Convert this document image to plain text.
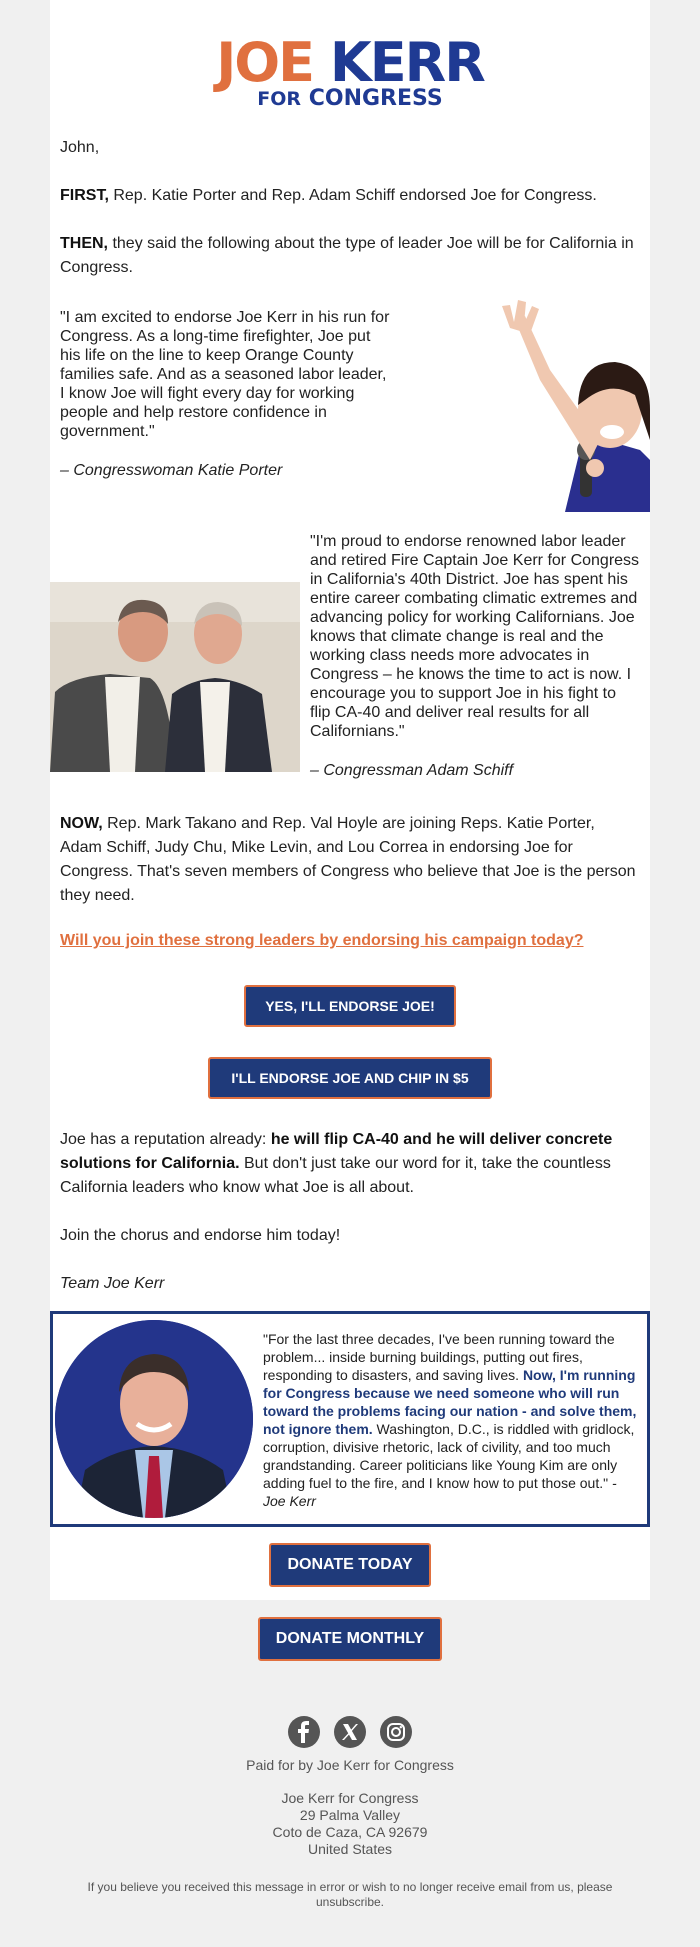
JOE KERR
FOR CONGRESS
John,
FIRST, Rep. Katie Porter and Rep. Adam Schiff endorsed Joe for Congress.
THEN, they said the following about the type of leader Joe will be for California in Congress.
"I am excited to endorse Joe Kerr in his run for Congress. As a long-time firefighter, Joe put his life on the line to keep Orange County families safe. And as a seasoned labor leader, I know Joe will fight every day for working people and help restore confidence in government."
– Congresswoman Katie Porter
"I'm proud to endorse renowned labor leader and retired Fire Captain Joe Kerr for Congress in California's 40th District. Joe has spent his entire career combating climatic extremes and advancing policy for working Californians. Joe knows that climate change is real and the working class needs more advocates in Congress – he knows the time to act is now. I encourage you to support Joe in his fight to flip CA-40 and deliver real results for all Californians."
– Congressman Adam Schiff
NOW, Rep. Mark Takano and Rep. Val Hoyle are joining Reps. Katie Porter, Adam Schiff, Judy Chu, Mike Levin, and Lou Correa in endorsing Joe for Congress. That's seven members of Congress who believe that Joe is the person they need.
Will you join these strong leaders by endorsing his campaign today?
YES, I'LL ENDORSE JOE!
I'LL ENDORSE JOE AND CHIP IN $5
Joe has a reputation already: he will flip CA-40 and he will deliver concrete solutions for California. But don't just take our word for it, take the countless California leaders who know what Joe is all about.
Join the chorus and endorse him today!
Team Joe Kerr
"For the last three decades, I've been running toward the problem... inside burning buildings, putting out fires, responding to disasters, and saving lives. Now, I'm running for Congress because we need someone who will run toward the problems facing our nation - and solve them, not ignore them. Washington, D.C., is riddled with gridlock, corruption, divisive rhetoric, lack of civility, and too much grandstanding. Career politicians like Young Kim are only adding fuel to the fire, and I know how to put those out." - Joe Kerr
DONATE TODAY
DONATE MONTHLY
Paid for by Joe Kerr for Congress
Joe Kerr for Congress
29 Palma Valley
Coto de Caza, CA 92679
United States
If you believe you received this message in error or wish to no longer receive email from us, please unsubscribe.
